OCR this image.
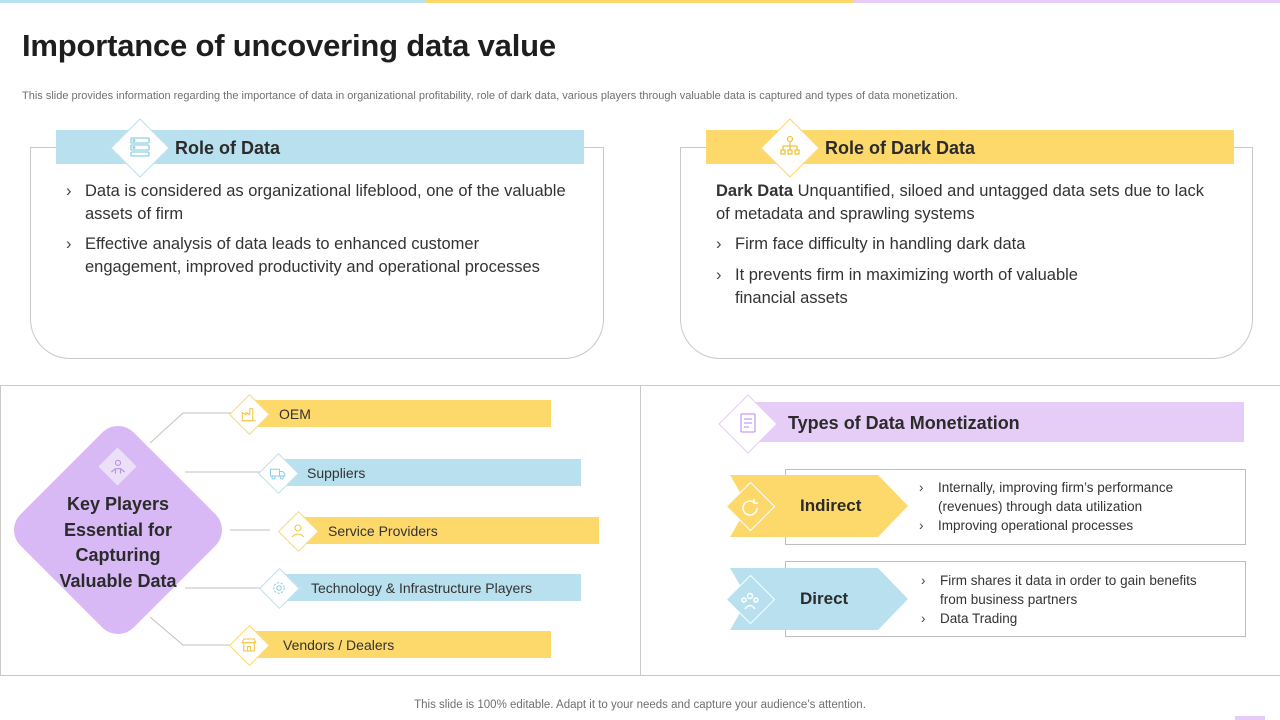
Importance of uncovering data value
This slide provides information regarding the importance of data in organizational profitability, role of dark data, various players through valuable data is captured and types of data monetization.
Role of Data
› Data is considered as organizational lifeblood, one of the valuable assets of firm
› Effective analysis of data leads to enhanced customer engagement, improved productivity and operational processes
Role of Dark Data
Dark Data Unquantified, siloed and untagged data sets due to lack of metadata and sprawling systems
› Firm face difficulty in handling dark data
› It prevents firm in maximizing worth of valuable financial assets
Key Players Essential for Capturing Valuable Data
OEM
Suppliers
Service Providers
Technology & Infrastructure Players
Vendors / Dealers
Types of Data Monetization
Indirect
›	Internally, improving firm’s performance (revenues) through data utilization
›	Improving operational processes
Direct
›	Firm shares it data in order to gain benefits from business partners
›	Data Trading
This slide is 100% editable. Adapt it to your needs and capture your audience’s attention.
